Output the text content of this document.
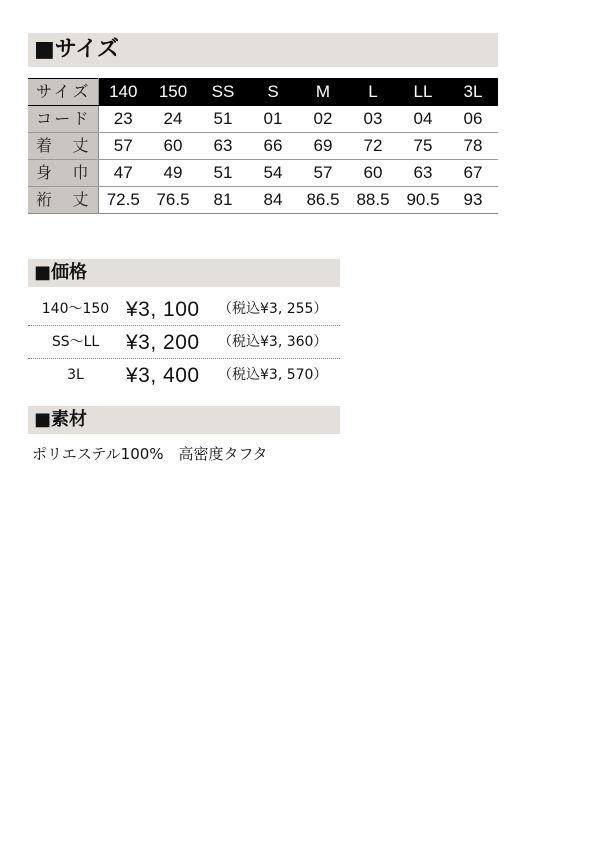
■サイズ
サイズ	140	150	SS	S	M	L	LL	3L
コード	23	24	51	01	02	03	04	06
着丈	57	60	63	66	69	72	75	78
身巾	47	49	51	54	57	60	63	67
裄丈	72.5	76.5	81	84	86.5	88.5	90.5	93
■価格
140〜150 ¥3, 100 （税込¥3, 255）
SS〜LL	¥3, 200 （税込¥3, 360）
3L	¥3, 400 （税込¥3, 570）
■素材
ポリエステル100%　高密度タフタ
